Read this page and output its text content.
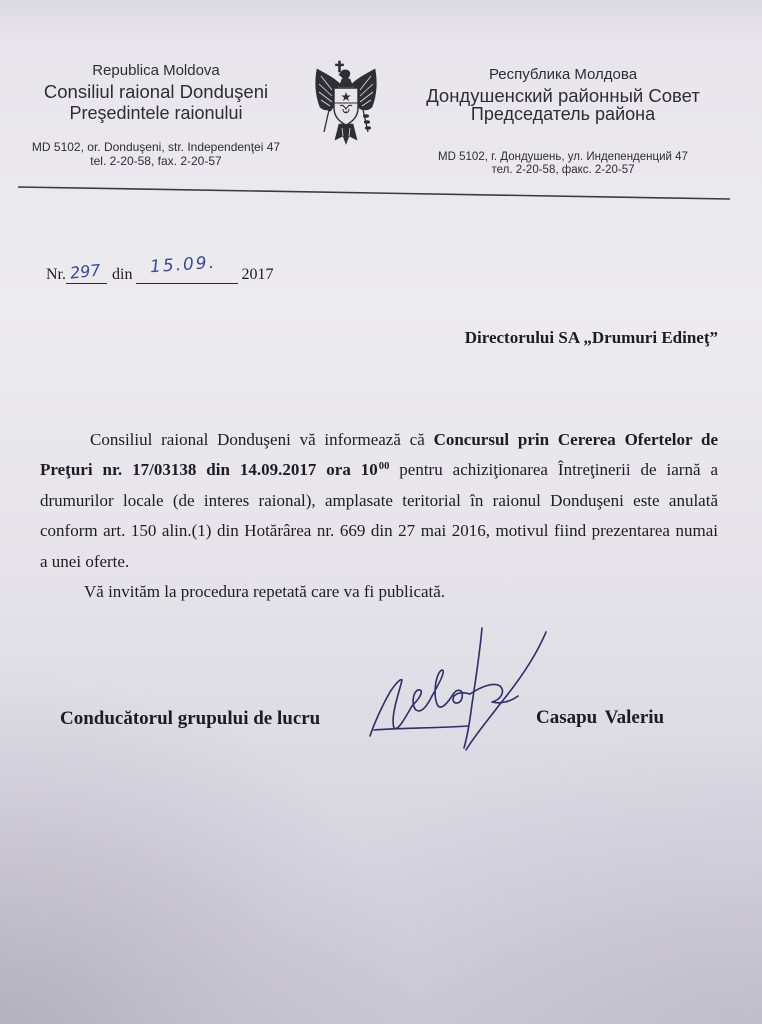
Republica Moldova
Consiliul raional Donduşeni
Preşedintele raionului
MD 5102, or. Donduşeni, str. Independenţei 47
tel. 2-20-58, fax. 2-20-57
Республика Молдова
Дондушенский районный Совет
Председатель района
MD 5102, г. Дондушень, ул. Индепенденций 47
тел. 2-20-58, факс. 2-20-57
Nr. 297 din 15.09. 2017
Directorului SA „Drumuri Edineţ”
Consiliul raional Donduşeni vă informează că Concursul prin Cererea Ofertelor de
Preţuri nr. 17/03138 din 14.09.2017 ora $10^{00}$ pentru achiziţionarea Întreţinerii de iarnă a
drumurilor locale (de interes raional), amplasate teritorial în raionul Donduşeni este anulată
conform art. 150 alin.(1) din Hotărârea nr. 669 din 27 mai 2016, motivul fiind prezentarea numai
a unei oferte.
Vă invităm la procedura repetată care va fi publicată.
Conducătorul grupului de lucru	Casapu Valeriu
